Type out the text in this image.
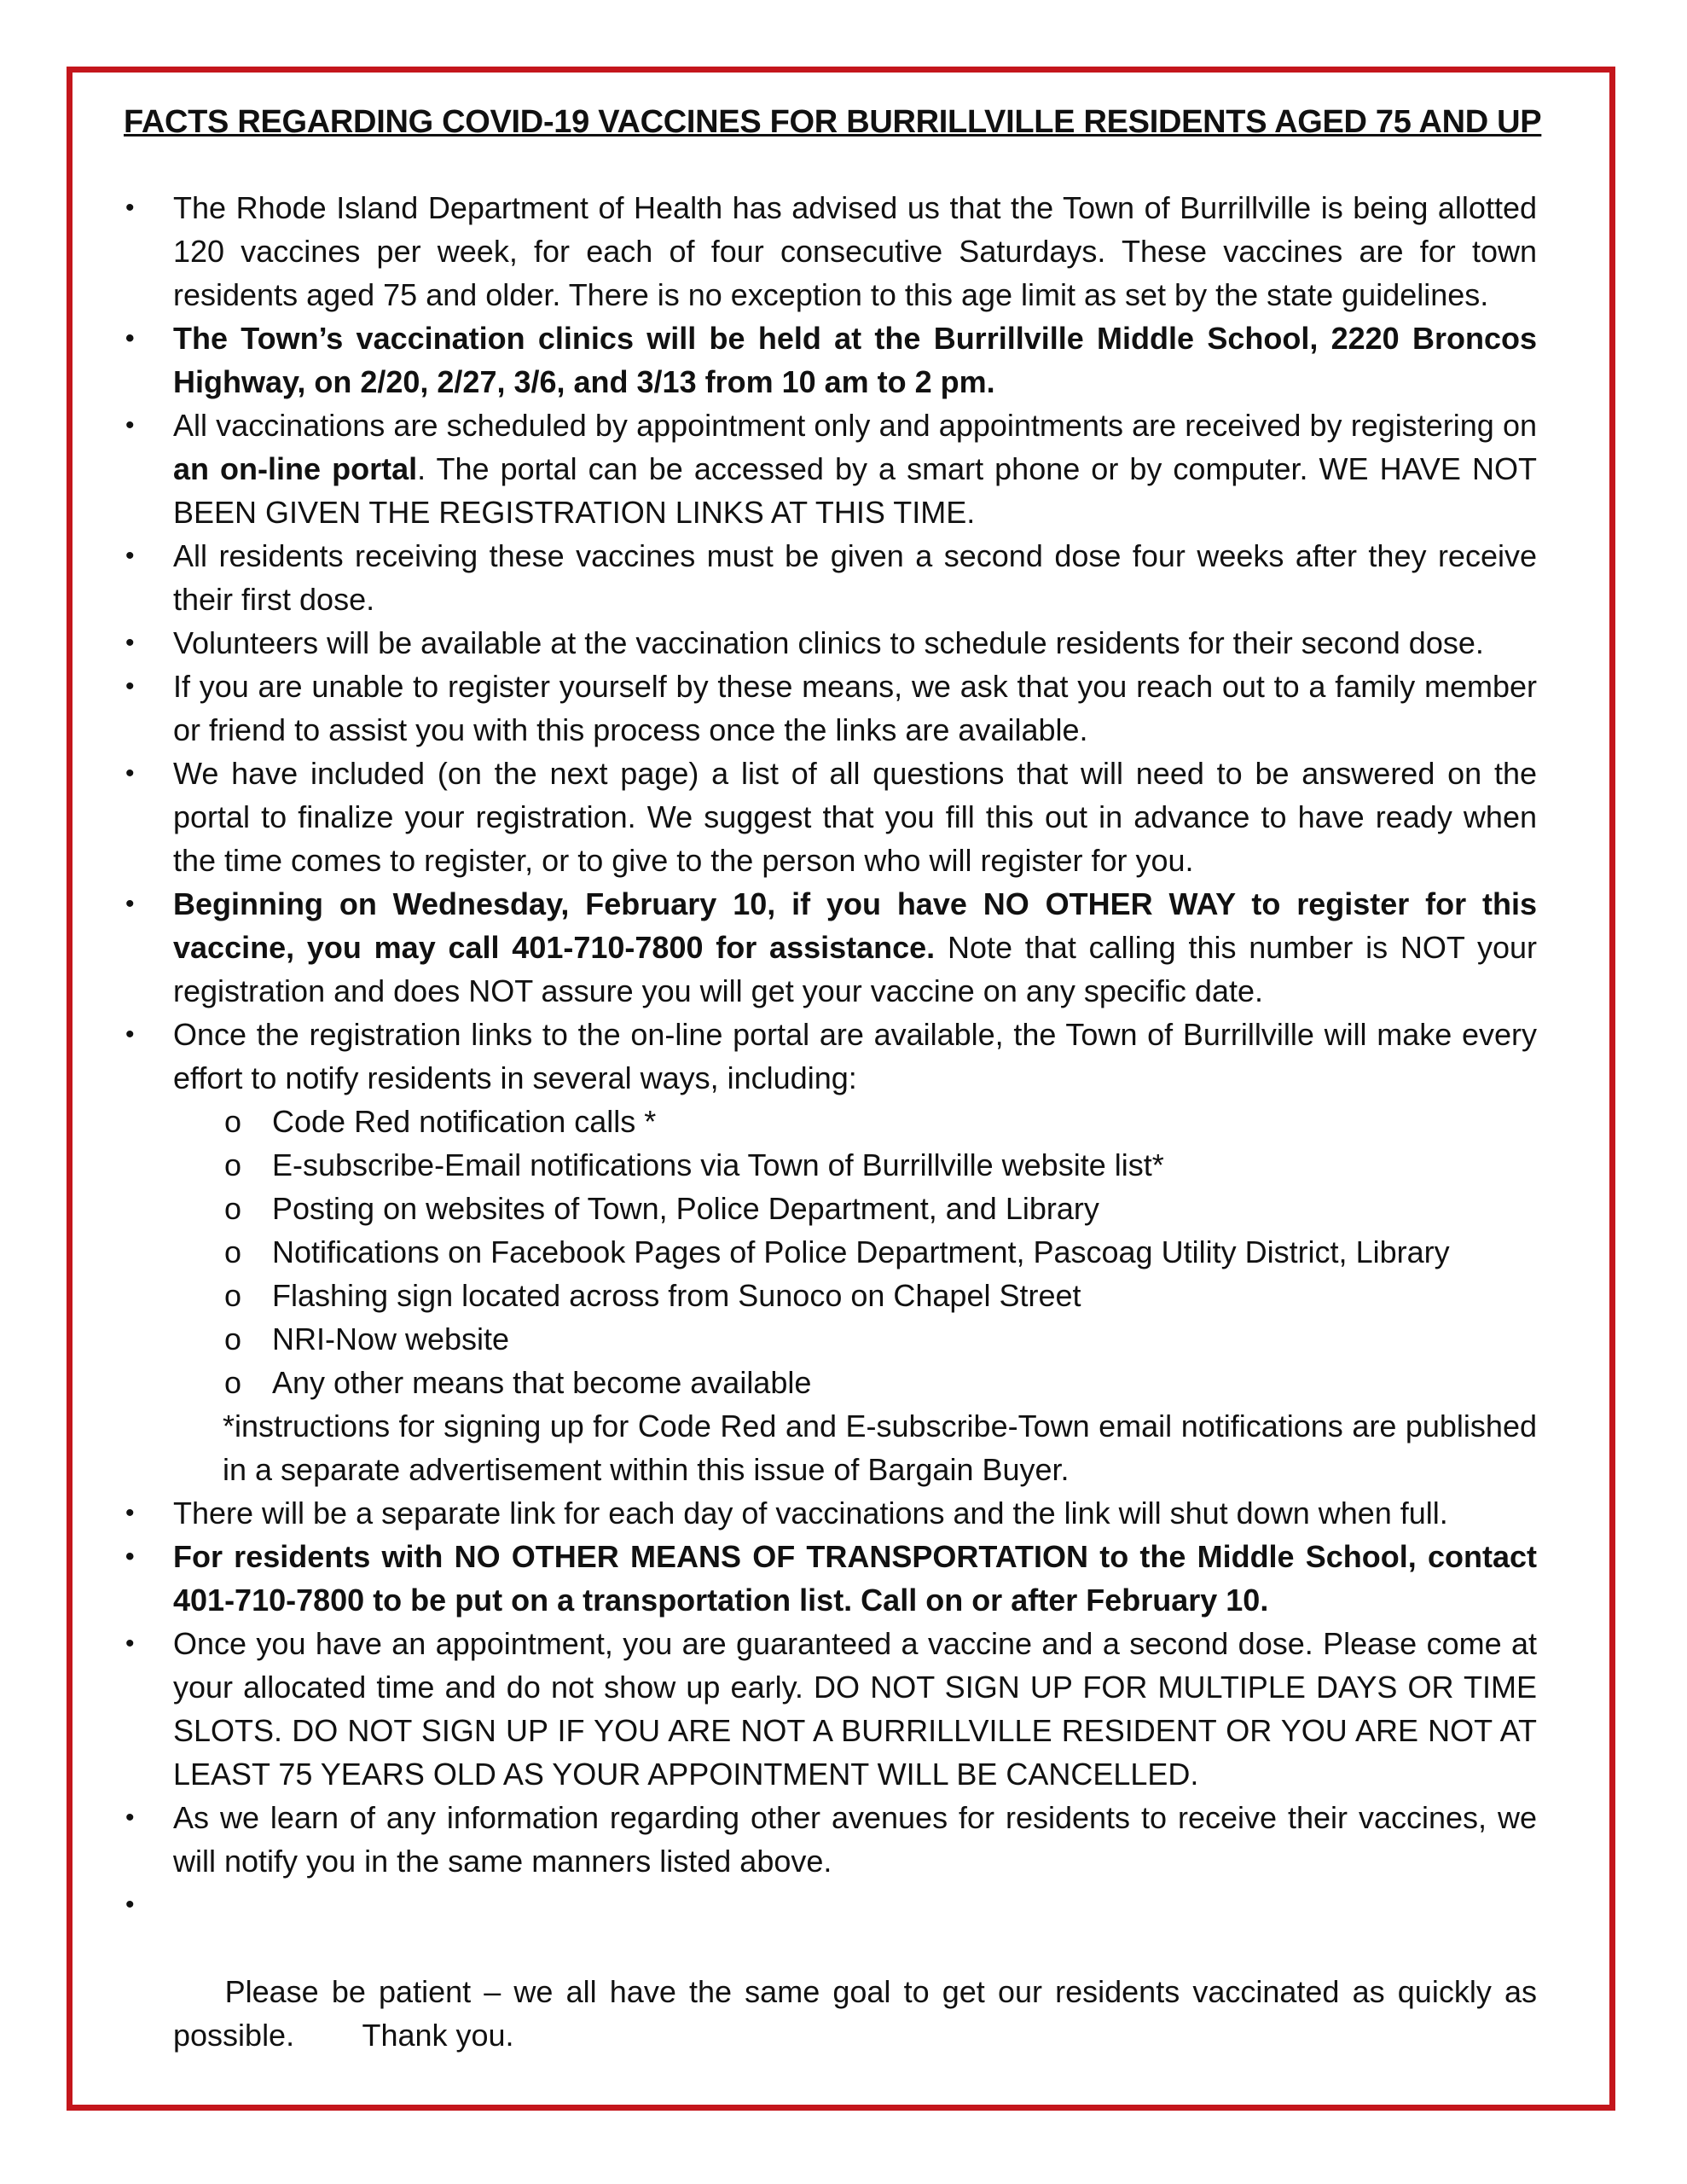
FACTS REGARDING COVID-19 VACCINES FOR BURRILLVILLE RESIDENTS AGED 75 AND UP
• The Rhode Island Department of Health has advised us that the Town of Burrillville is being allotted 120 vaccines per week, for each of four consecutive Saturdays. These vaccines are for town residents aged 75 and older. There is no exception to this age limit as set by the state guidelines.
• The Town’s vaccination clinics will be held at the Burrillville Middle School, 2220 Broncos Highway, on 2/20, 2/27, 3/6, and 3/13 from 10 am to 2 pm.
• All vaccinations are scheduled by appointment only and appointments are received by registering on an on-line portal. The portal can be accessed by a smart phone or by computer. WE HAVE NOT BEEN GIVEN THE REGISTRATION LINKS AT THIS TIME.
• All residents receiving these vaccines must be given a second dose four weeks after they receive their first dose.
• Volunteers will be available at the vaccination clinics to schedule residents for their second dose.
• If you are unable to register yourself by these means, we ask that you reach out to a family member or friend to assist you with this process once the links are available.
• We have included (on the next page) a list of all questions that will need to be answered on the portal to finalize your registration. We suggest that you fill this out in advance to have ready when the time comes to register, or to give to the person who will register for you.
• Beginning on Wednesday, February 10, if you have NO OTHER WAY to register for this vaccine, you may call 401-710-7800 for assistance. Note that calling this number is NOT your registration and does NOT assure you will get your vaccine on any specific date.
• Once the registration links to the on-line portal are available, the Town of Burrillville will make every effort to notify residents in several ways, including:
o Code Red notification calls *
o E-subscribe-Email notifications via Town of Burrillville website list*
o Posting on websites of Town, Police Department, and Library
o Notifications on Facebook Pages of Police Department, Pascoag Utility District, Library
o Flashing sign located across from Sunoco on Chapel Street
o NRI-Now website
o Any other means that become available
*instructions for signing up for Code Red and E-subscribe-Town email notifications are published in a separate advertisement within this issue of Bargain Buyer.
• There will be a separate link for each day of vaccinations and the link will shut down when full.
• For residents with NO OTHER MEANS OF TRANSPORTATION to the Middle School, contact 401-710-7800 to be put on a transportation list. Call on or after February 10.
• Once you have an appointment, you are guaranteed a vaccine and a second dose. Please come at your allocated time and do not show up early. DO NOT SIGN UP FOR MULTIPLE DAYS OR TIME SLOTS. DO NOT SIGN UP IF YOU ARE NOT A BURRILLVILLE RESIDENT OR YOU ARE NOT AT LEAST 75 YEARS OLD AS YOUR APPOINTMENT WILL BE CANCELLED.
• As we learn of any information regarding other avenues for residents to receive their vaccines, we will notify you in the same manners listed above.

•

Please be patient – we all have the same goal to get our residents vaccinated as quickly as possible.        Thank you.
